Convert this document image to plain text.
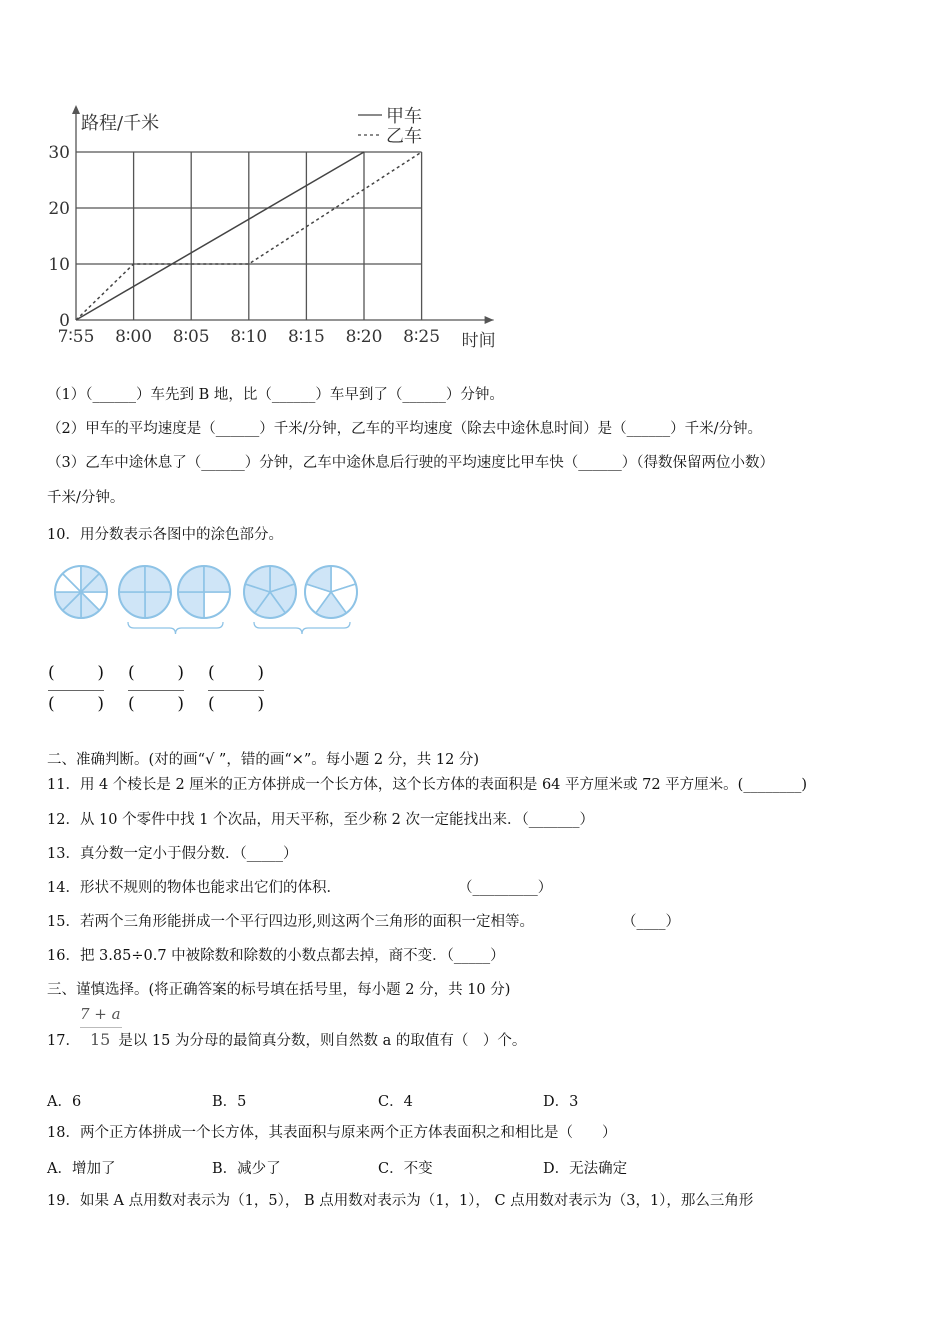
0
10
20
30
7∶55 8∶00 8∶05 8∶10 8∶15 8∶20 8∶25
路程/千米
时间
甲车
乙车
（1）（______）车先到 B 地，比（______）车早到了（______）分钟。
（2）甲车的平均速度是（______）千米/分钟，乙车的平均速度（除去中途休息时间）是（______）千米/分钟。
（3）乙车中途休息了（______）分钟，乙车中途休息后行驶的平均速度比甲车快（______）（得数保留两位小数）
千米/分钟。
10．用分数表示各图中的涂色部分。
(	)
(	)
(	)
(	)
(	)
(	)
二、准确判断。(对的画“√ ”，错的画“×”。每小题 2 分，共 12 分)
11．用 4 个棱长是 2 厘米的正方体拼成一个长方体，这个长方体的表面积是 64 平方厘米或 72 平方厘米。(________)
12．从 10 个零件中找 1 个次品，用天平称，至少称 2 次一定能找出来．（_______）
13．真分数一定小于假分数．（_____）
14．形状不规则的物体也能求出它们的体积．	（_________）
15．若两个三角形能拼成一个平行四边形,则这两个三角形的面积一定相等。	（____）
16．把 3.85÷0.7 中被除数和除数的小数点都去掉，商不变．（_____）
三、谨慎选择。(将正确答案的标号填在括号里，每小题 2 分，共 10 分)
7 + a
17． 15 是以 15 为分母的最简真分数，则自然数 a 的取值有（　）个。
A．6	B．5	C．4	D．3
18．两个正方体拼成一个长方体，其表面积与原来两个正方体表面积之和相比是（　　）
A．增加了	B．减少了	C．不变	D．无法确定
19．如果 A 点用数对表示为（1，5）， B 点用数对表示为（1，1）， C 点用数对表示为（3，1），那么三角形
